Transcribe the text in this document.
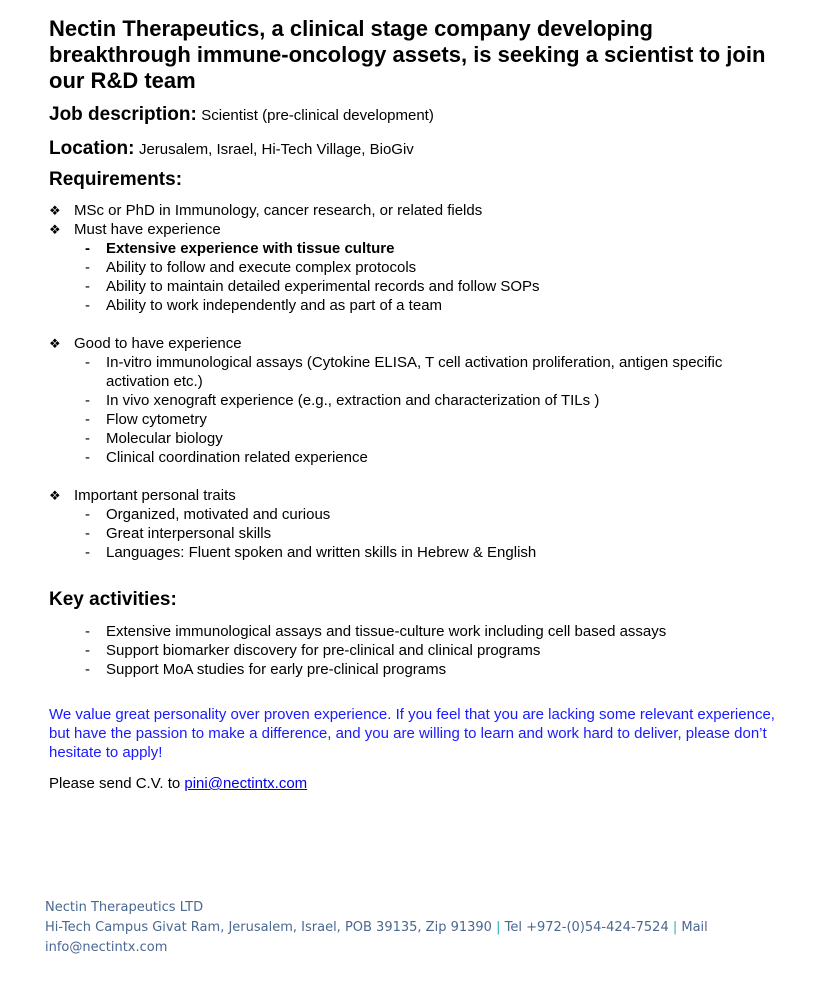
Nectin Therapeutics, a clinical stage company developing breakthrough immune-oncology assets, is seeking a scientist to join our R&D team
Job description: Scientist (pre-clinical development)
Location: Jerusalem, Israel, Hi-Tech Village, BioGiv
Requirements:
❖ MSc or PhD in Immunology, cancer research, or related fields
❖ Must have experience
-	Extensive experience with tissue culture
-	Ability to follow and execute complex protocols
-	Ability to maintain detailed experimental records and follow SOPs
-	Ability to work independently and as part of a team
❖ Good to have experience
-	In-vitro immunological assays (Cytokine ELISA, T cell activation proliferation, antigen specific activation etc.)
-	In vivo xenograft experience (e.g., extraction and characterization of TILs )
-	Flow cytometry
-	Molecular biology
-	Clinical coordination related experience
❖ Important personal traits
-	Organized, motivated and curious
-	Great interpersonal skills
-	Languages: Fluent spoken and written skills in Hebrew & English
Key activities:
-	Extensive immunological assays and tissue-culture work including cell based assays
-	Support biomarker discovery for pre-clinical and clinical programs
-	Support MoA studies for early pre-clinical programs
We value great personality over proven experience. If you feel that you are lacking some relevant experience, but have the passion to make a difference, and you are willing to learn and work hard to deliver, please don’t hesitate to apply!
Please send C.V. to pini@nectintx.com
Nectin Therapeutics LTD
Hi-Tech Campus Givat Ram, Jerusalem, Israel, POB 39135, Zip 91390 | Tel +972-(0)54-424-7524 | Mail info@nectintx.com
